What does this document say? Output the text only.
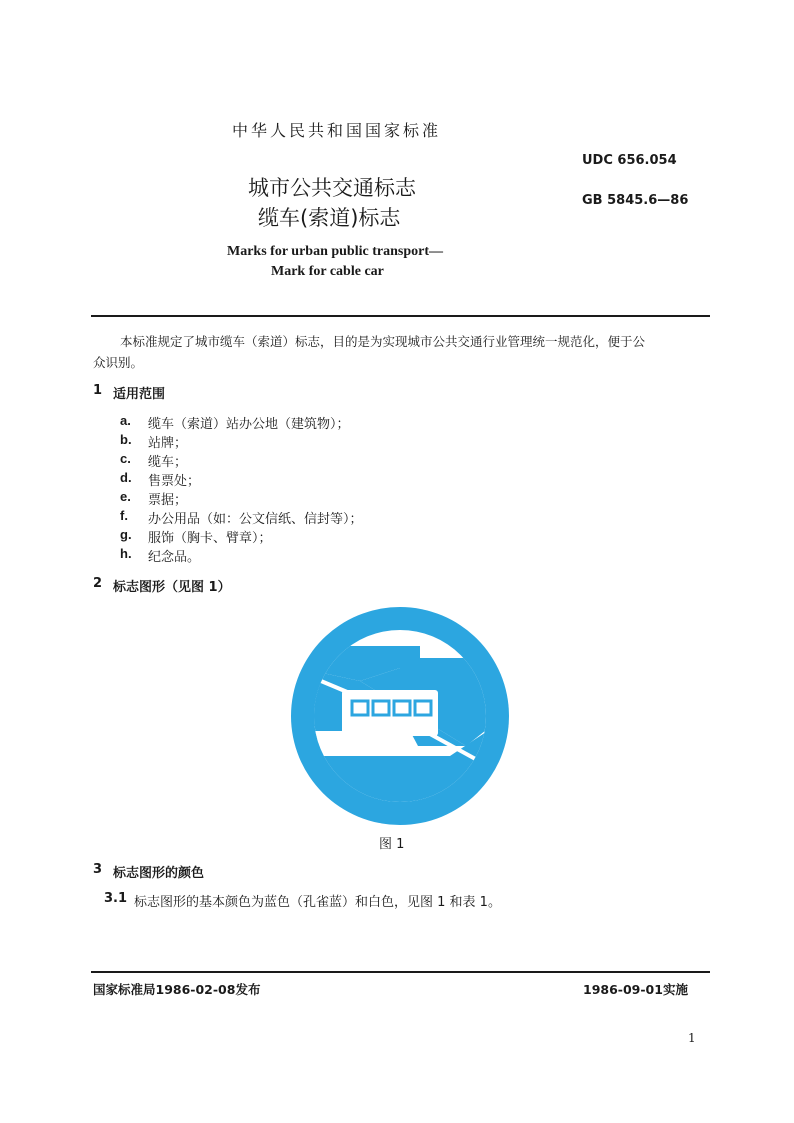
中华人民共和国国家标准
UDC 656.054
城市公共交通标志
GB 5845.6—86
缆车(索道)标志
Marks for urban public transport—
Mark for cable car
本标准规定了城市缆车（索道）标志，目的是为实现城市公共交通行业管理统一规范化，便于公
众识别。
1 适用范围
a. 缆车（索道）站办公地（建筑物）；
b. 站牌；
c. 缆车；
d. 售票处；
e. 票据；
f. 办公用品（如：公文信纸、信封等）；
g. 服饰（胸卡、臂章）；
h. 纪念品。
2 标志图形（见图 1）
图 1
3 标志图形的颜色
3.1 标志图形的基本颜色为蓝色（孔雀蓝）和白色，见图 1 和表 1。
国家标准局1986-02-08发布	1986-09-01实施
1
